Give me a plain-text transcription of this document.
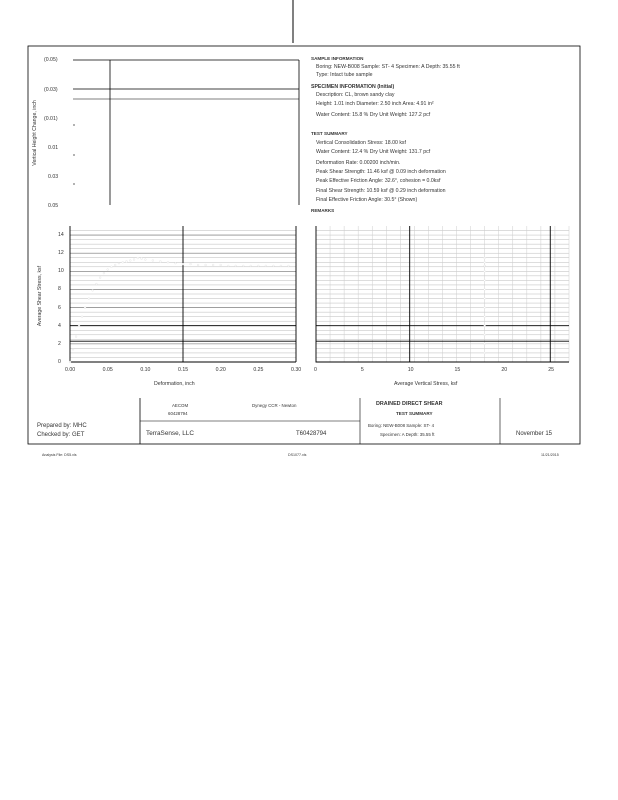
Vertical Height Change, inch
(0.05)
(0.03)
(0.01)
0.01
0.03
0.05
Average Shear Stress, ksf
0
2
4
6
8
10
12
14
0.00	0.05	0.10	0.15	0.20	0.25	0.30
Deformation, inch
0	5	10	15	20	25
Average Vertical Stress, ksf
SAMPLE INFORMATION
Boring: NEW-B008 Sample: ST- 4 Specimen: A Depth: 35.55 ft
Type: Intact tube sample
SPECIMEN INFORMATION (Initial)
Description: CL, brown sandy clay
Height: 1.01 inch Diameter: 2.50 inch Area: 4.91 in²
Water Content: 15.8 % Dry Unit Weight: 127.2 pcf
TEST SUMMARY
Vertical Consolidation Stress: 18.00 ksf
Water Content: 12.4 % Dry Unit Weight: 131.7 pcf
Deformation Rate: 0.00200 inch/min.
Peak Shear Strength: 11.46 ksf @ 0.09 inch deformation
Peak Effective Friction Angle: 32.6°, cohesion = 0.0ksf
Final Shear Strength: 10.59 ksf @ 0.29 inch deformation
Final Effective Friction Angle: 30.5° (Shown)
REMARKS
AECOM
60428794
Dynegy CCR - Newton	DRAINED DIRECT SHEAR
TEST SUMMARY
Boring: NEW-B008 Sample: ST- 4
Specimen: A Depth: 35.55 ft
Prepared by: MHC
Checked by: GET	TerraSense, LLC	T60428794	November 15
Analysis File: DS5.xls	DS1077.xls	11/21/2015
